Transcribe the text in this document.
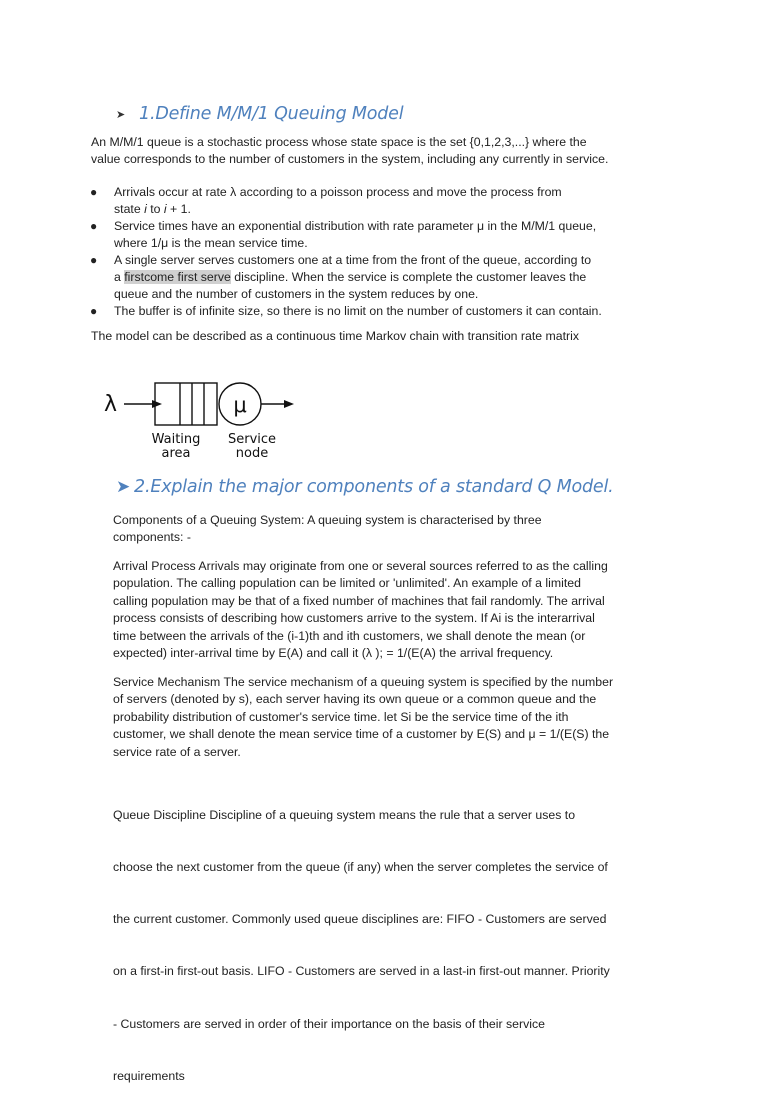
➤ 1.Define M/M/1 Queuing Model

An M/M/1 queue is a stochastic process whose state space is the set {0,1,2,3,...} where the
value corresponds to the number of customers in the system, including any currently in service.

● Arrivals occur at rate λ according to a poisson process and move the process from
state i to i + 1.
● Service times have an exponential distribution with rate parameter μ in the M/M/1 queue,
where 1/μ is the mean service time.
● A single server serves customers one at a time from the front of the queue, according to
a firstcome first serve discipline. When the service is complete the customer leaves the
queue and the number of customers in the system reduces by one.
● The buffer is of infinite size, so there is no limit on the number of customers it can contain.

The model can be described as a continuous time Markov chain with transition rate matrix

λ	μ
Waiting
area
Service
node
➤ 2.Explain the major components of a standard Q Model.

Components of a Queuing System: A queuing system is characterised by three
components: -

Arrival Process Arrivals may originate from one or several sources referred to as the calling
population. The calling population can be limited or 'unlimited'. An example of a limited
calling population may be that of a fixed number of machines that fail randomly. The arrival
process consists of describing how customers arrive to the system. If Ai is the interarrival
time between the arrivals of the (i-1)th and ith customers, we shall denote the mean (or
expected) inter-arrival time by E(A) and call it (λ ); = 1/(E(A) the arrival frequency.

Service Mechanism The service mechanism of a queuing system is specified by the number
of servers (denoted by s), each server having its own queue or a common queue and the
probability distribution of customer's service time. let Si be the service time of the ith
customer, we shall denote the mean service time of a customer by E(S) and μ = 1/(E(S) the
service rate of a server.

Queue Discipline Discipline of a queuing system means the rule that a server uses to

choose the next customer from the queue (if any) when the server completes the service of

the current customer. Commonly used queue disciplines are: FIFO - Customers are served

on a first-in first-out basis. LIFO - Customers are served in a last-in first-out manner. Priority

- Customers are served in order of their importance on the basis of their service

requirements
